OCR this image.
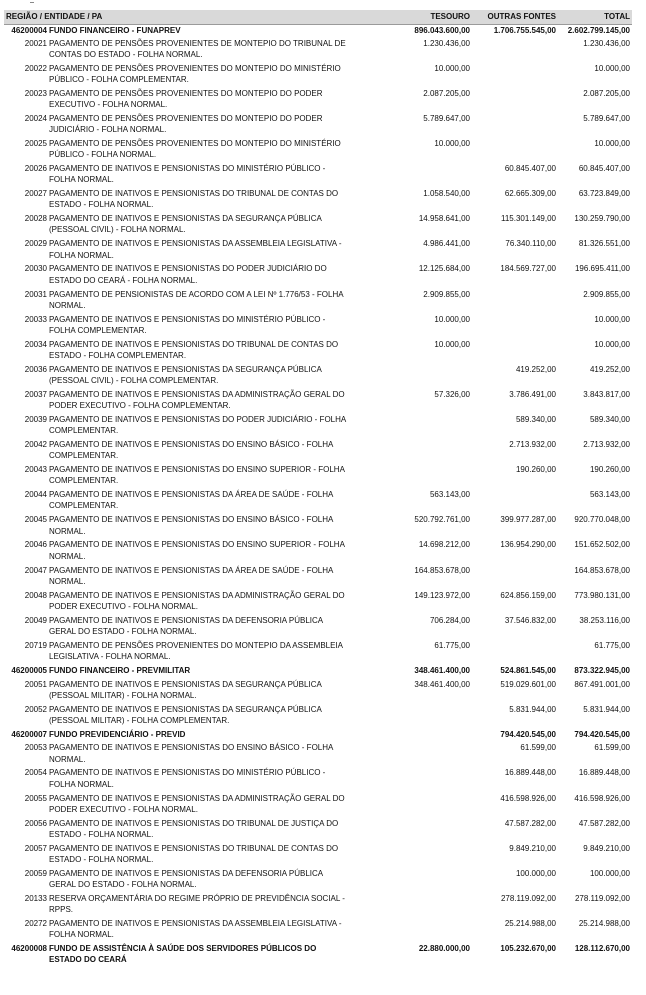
REGIÃO / ENTIDADE / PA		TESOURO	OUTRAS FONTES	TOTAL
46200004	FUNDO FINANCEIRO - FUNAPREV	896.043.600,00	1.706.755.545,00	2.602.799.145,00
20021	PAGAMENTO DE PENSÕES PROVENIENTES DE MONTEPIO DO TRIBUNAL DE CONTAS DO ESTADO - FOLHA NORMAL.	1.230.436,00		1.230.436,00
20022	PAGAMENTO DE PENSÕES PROVENIENTES DO MONTEPIO DO MINISTÉRIO PÚBLICO - FOLHA COMPLEMENTAR.	10.000,00		10.000,00
20023	PAGAMENTO DE PENSÕES PROVENIENTES DO MONTEPIO DO PODER EXECUTIVO - FOLHA NORMAL.	2.087.205,00		2.087.205,00
20024	PAGAMENTO DE PENSÕES PROVENIENTES DO MONTEPIO DO PODER JUDICIÁRIO - FOLHA NORMAL.	5.789.647,00		5.789.647,00
20025	PAGAMENTO DE PENSÕES PROVENIENTES DO MONTEPIO DO MINISTÉRIO PÚBLICO - FOLHA NORMAL.	10.000,00		10.000,00
20026	PAGAMENTO DE INATIVOS E PENSIONISTAS DO MINISTÉRIO PÚBLICO - FOLHA NORMAL.		60.845.407,00	60.845.407,00
20027	PAGAMENTO DE INATIVOS E PENSIONISTAS DO TRIBUNAL DE CONTAS DO ESTADO - FOLHA NORMAL.	1.058.540,00	62.665.309,00	63.723.849,00
20028	PAGAMENTO DE INATIVOS E PENSIONISTAS DA SEGURANÇA PÚBLICA (PESSOAL CIVIL) - FOLHA NORMAL.	14.958.641,00	115.301.149,00	130.259.790,00
20029	PAGAMENTO DE INATIVOS E PENSIONISTAS DA ASSEMBLEIA LEGISLATIVA - FOLHA NORMAL.	4.986.441,00	76.340.110,00	81.326.551,00
20030	PAGAMENTO DE INATIVOS E PENSIONISTAS DO PODER JUDICIÁRIO DO ESTADO DO CEARÁ - FOLHA NORMAL.	12.125.684,00	184.569.727,00	196.695.411,00
20031	PAGAMENTO DE PENSIONISTAS DE ACORDO COM A LEI Nº 1.776/53 - FOLHA NORMAL.	2.909.855,00		2.909.855,00
20033	PAGAMENTO DE INATIVOS E PENSIONISTAS DO MINISTÉRIO PÚBLICO - FOLHA COMPLEMENTAR.	10.000,00		10.000,00
20034	PAGAMENTO DE INATIVOS E PENSIONISTAS DO TRIBUNAL DE CONTAS DO ESTADO - FOLHA COMPLEMENTAR.	10.000,00		10.000,00
20036	PAGAMENTO DE INATIVOS E PENSIONISTAS DA SEGURANÇA PÚBLICA (PESSOAL CIVIL) - FOLHA COMPLEMENTAR.		419.252,00	419.252,00
20037	PAGAMENTO DE INATIVOS E PENSIONISTAS DA ADMINISTRAÇÃO GERAL DO PODER EXECUTIVO - FOLHA COMPLEMENTAR.	57.326,00	3.786.491,00	3.843.817,00
20039	PAGAMENTO DE INATIVOS E PENSIONISTAS DO PODER JUDICIÁRIO - FOLHA COMPLEMENTAR.		589.340,00	589.340,00
20042	PAGAMENTO DE INATIVOS E PENSIONISTAS DO ENSINO BÁSICO - FOLHA COMPLEMENTAR.		2.713.932,00	2.713.932,00
20043	PAGAMENTO DE INATIVOS E PENSIONISTAS DO ENSINO SUPERIOR - FOLHA COMPLEMENTAR.		190.260,00	190.260,00
20044	PAGAMENTO DE INATIVOS E PENSIONISTAS DA ÁREA DE SAÚDE - FOLHA COMPLEMENTAR.	563.143,00		563.143,00
20045	PAGAMENTO DE INATIVOS E PENSIONISTAS DO ENSINO BÁSICO - FOLHA NORMAL.	520.792.761,00	399.977.287,00	920.770.048,00
20046	PAGAMENTO DE INATIVOS E PENSIONISTAS DO ENSINO SUPERIOR - FOLHA NORMAL.	14.698.212,00	136.954.290,00	151.652.502,00
20047	PAGAMENTO DE INATIVOS E PENSIONISTAS DA ÁREA DE SAÚDE - FOLHA NORMAL.	164.853.678,00		164.853.678,00
20048	PAGAMENTO DE INATIVOS E PENSIONISTAS DA ADMINISTRAÇÃO GERAL DO PODER EXECUTIVO - FOLHA NORMAL.	149.123.972,00	624.856.159,00	773.980.131,00
20049	PAGAMENTO DE INATIVOS E PENSIONISTAS DA DEFENSORIA PÚBLICA GERAL DO ESTADO - FOLHA NORMAL.	706.284,00	37.546.832,00	38.253.116,00
20719	PAGAMENTO DE PENSÕES PROVENIENTES DO MONTEPIO DA ASSEMBLEIA LEGISLATIVA - FOLHA NORMAL.	61.775,00		61.775,00
46200005	FUNDO FINANCEIRO - PREVMILITAR	348.461.400,00	524.861.545,00	873.322.945,00
20051	PAGAMENTO DE INATIVOS E PENSIONISTAS DA SEGURANÇA PÚBLICA (PESSOAL MILITAR) - FOLHA NORMAL.	348.461.400,00	519.029.601,00	867.491.001,00
20052	PAGAMENTO DE INATIVOS E PENSIONISTAS DA SEGURANÇA PÚBLICA (PESSOAL MILITAR) - FOLHA COMPLEMENTAR.		5.831.944,00	5.831.944,00
46200007	FUNDO PREVIDENCIÁRIO - PREVID		794.420.545,00	794.420.545,00
20053	PAGAMENTO DE INATIVOS E PENSIONISTAS DO ENSINO BÁSICO - FOLHA NORMAL.		61.599,00	61.599,00
20054	PAGAMENTO DE INATIVOS E PENSIONISTAS DO MINISTÉRIO PÚBLICO - FOLHA NORMAL.		16.889.448,00	16.889.448,00
20055	PAGAMENTO DE INATIVOS E PENSIONISTAS DA ADMINISTRAÇÃO GERAL DO PODER EXECUTIVO - FOLHA NORMAL.		416.598.926,00	416.598.926,00
20056	PAGAMENTO DE INATIVOS E PENSIONISTAS DO TRIBUNAL DE JUSTIÇA DO ESTADO - FOLHA NORMAL.		47.587.282,00	47.587.282,00
20057	PAGAMENTO DE INATIVOS E PENSIONISTAS DO TRIBUNAL DE CONTAS DO ESTADO - FOLHA NORMAL.		9.849.210,00	9.849.210,00
20059	PAGAMENTO DE INATIVOS E PENSIONISTAS DA DEFENSORIA PÚBLICA GERAL DO ESTADO - FOLHA NORMAL.		100.000,00	100.000,00
20133	RESERVA ORÇAMENTÁRIA DO REGIME PRÓPRIO DE PREVIDÊNCIA SOCIAL - RPPS.		278.119.092,00	278.119.092,00
20272	PAGAMENTO DE INATIVOS E PENSIONISTAS DA ASSEMBLEIA LEGISLATIVA - FOLHA NORMAL.		25.214.988,00	25.214.988,00
46200008	FUNDO DE ASSISTÊNCIA À SAÚDE DOS SERVIDORES PÚBLICOS DO ESTADO DO CEARÁ	22.880.000,00	105.232.670,00	128.112.670,00
